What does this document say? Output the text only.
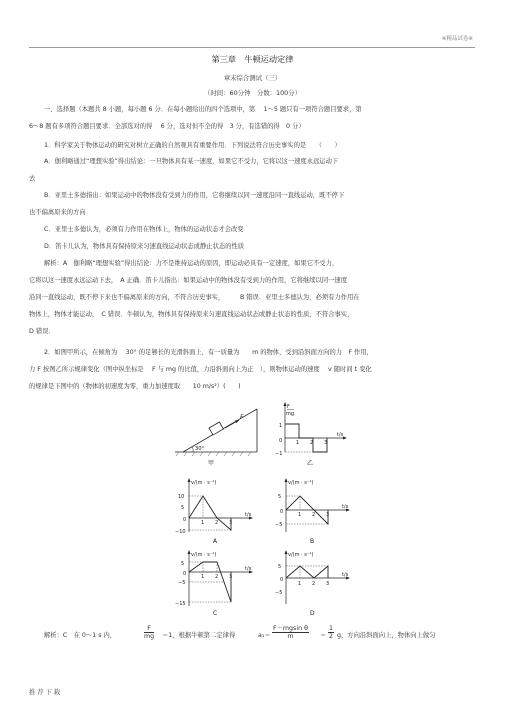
※精品试卷※
第三章　牛顿运动定律
章末综合测试（三）
（时间：60分钟　分数：100分）
一、选择题（本题共 8 小题，每小题 6 分．在每小题给出的四个选项中，第　 1～5 题只有一项符合题目要求，第
6～8 题有多项符合题目要求．全部选对的得　 6 分，选对但不全的得　3 分，有选错的得　0 分）
1．科学家关于物体运动的研究对树立正确的自然观具有重要作用．下列说法符合历史事实的是　　（　　）
A．伽利略通过“理想实验”得出结论：一旦物体具有某一速度，如果它不受力，它将以这一速度永远运动下
去
B．亚里士多德指出：如果运动中的物体没有受到力的作用，它将继续以同一速度沿同一直线运动，既不停下
也不偏离原来的方向
C．亚里士多德认为，必须有力作用在物体上，物体的运动状态才会改变
D．笛卡儿认为，物体具有保持原来匀速直线运动状态或静止状态的性质
解析：A　伽利略“理想实验”得出结论：力不是维持运动的原因，即运动必具有一定速度，如果它不受力，
它将以这一速度永远运动下去，　A 正确．笛卡儿指出：如果运动中的物体没有受到力的作用，它将继续以同一速度
沿同一直线运动，既不停下来也不偏离原来的方向，不符合历史事实，　　　B 错误．亚里士多德认为，必须有力作用在
物体上，物体才能运动，　C 错误．牛顿认为，物体具有保持原来匀速直线运动状态或静止状态的性质，不符合事实，
D 错误．
2．如图甲所示，在倾角为　 30° 的足够长的光滑斜面上，有一质量为　　m 的物体，受到沿斜面方向的力　F 作用，
力 F 按图乙所示规律变化（图中纵坐标是　 F 与 mg 的比值，力沿斜面向上为正　），则物体运动的速度　 v 随时间 t 变化
的规律是下图中的（物体的初速度为零，重力加速度取　　10 m/s²）(　　)
F
30°
甲
F
mg
t/s
1
0
−1
1 2 3
乙
v/(m · s⁻¹)
t/s
10
5
0
−10
1 2 3
A
v/(m · s⁻¹)
t/s
5
0
−5
1 2 3
B
v/(m · s⁻¹)
t/s
5
0
−5
−15
1 2 3
C
v/(m · s⁻¹)
t/s
5
0
−5
1 2 3
D
解析：C　在 0～1 s 内，	$\frac{F}{mg} =1$，根据牛顿第二定律得　	$a_1= \frac{\text{F－mgsin θ}}{m} = \frac{1}{2}$ g，方向沿斜面向上，物体向上做匀
推荐下载
